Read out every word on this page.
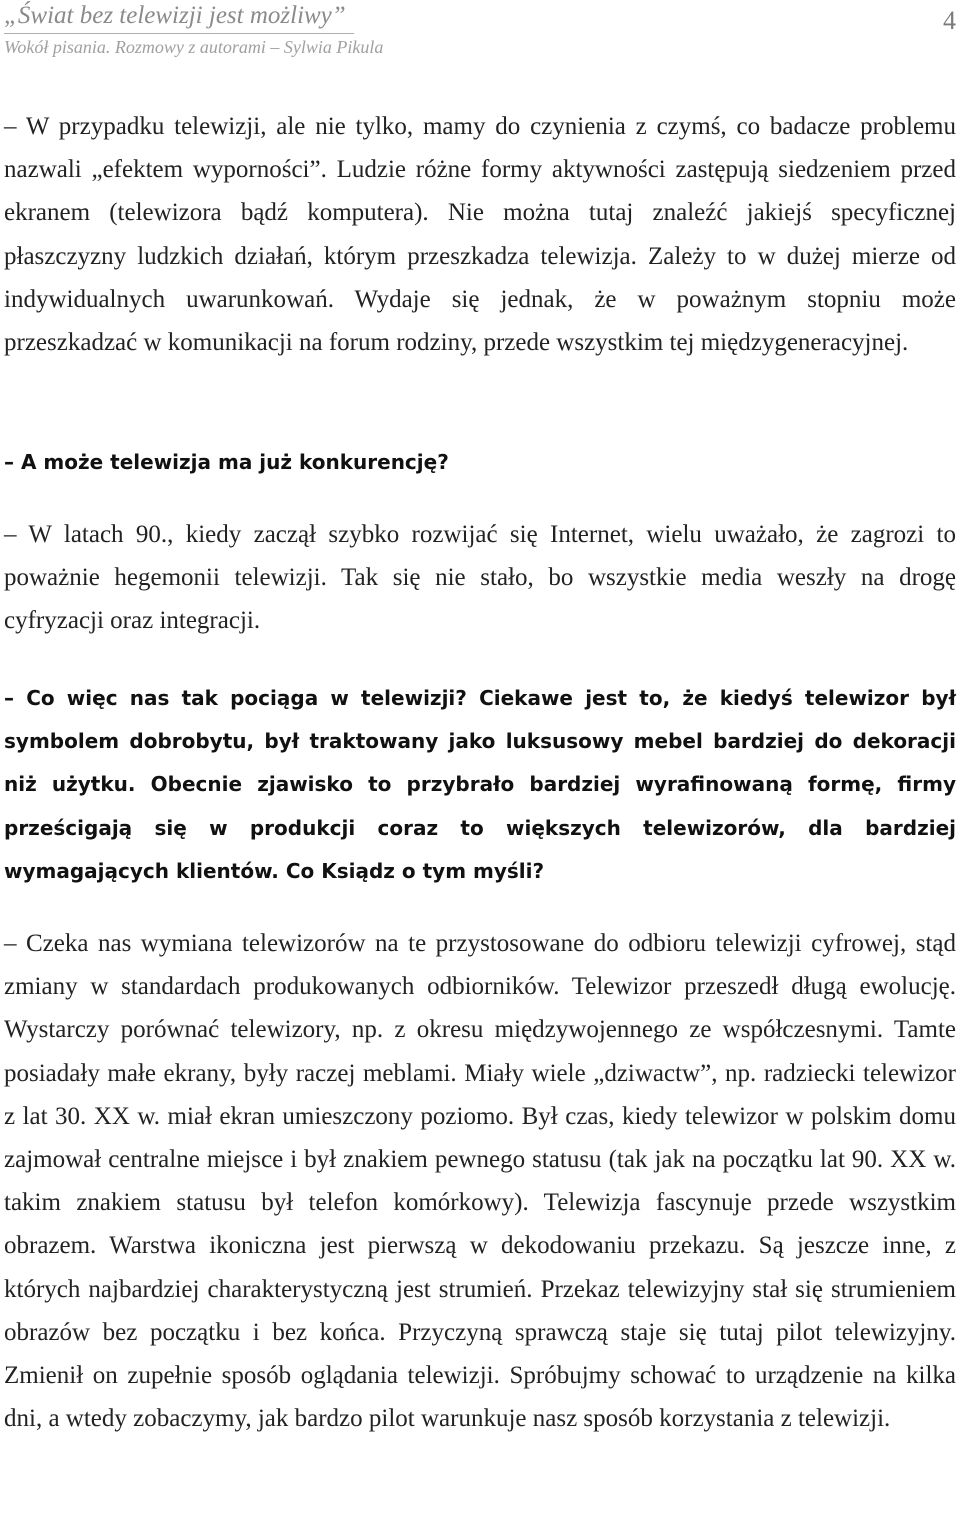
„Świat bez telewizji jest możliwy”
Wokół pisania. Rozmowy z autorami – Sylwia Pikula
4

– W przypadku telewizji, ale nie tylko, mamy do czynienia z czymś, co badacze problemu nazwali „efektem wyporności”. Ludzie różne formy aktywności zastępują siedzeniem przed ekranem (telewizora bądź komputera). Nie można tutaj znaleźć jakiejś specyficznej płaszczyzny ludzkich działań, którym przeszkadza telewizja. Zależy to w dużej mierze od indywidualnych uwarunkowań. Wydaje się jednak, że w poważnym stopniu może przeszkadzać w komunikacji na forum rodziny, przede wszystkim tej międzygeneracyjnej.

– A może telewizja ma już konkurencję?

– W latach 90., kiedy zaczął szybko rozwijać się Internet, wielu uważało, że zagrozi to poważnie hegemonii telewizji. Tak się nie stało, bo wszystkie media weszły na drogę cyfryzacji oraz integracji.

– Co więc nas tak pociąga w telewizji? Ciekawe jest to, że kiedyś telewizor był symbolem dobrobytu, był traktowany jako luksusowy mebel bardziej do dekoracji niż użytku. Obecnie zjawisko to przybrało bardziej wyrafinowaną formę, firmy prześcigają się w produkcji coraz to większych telewizorów, dla bardziej wymagających klientów. Co Ksiądz o tym myśli?

– Czeka nas wymiana telewizorów na te przystosowane do odbioru telewizji cyfrowej, stąd zmiany w standardach produkowanych odbiorników. Telewizor przeszedł długą ewolucję. Wystarczy porównać telewizory, np. z okresu międzywojennego ze współczesnymi. Tamte posiadały małe ekrany, były raczej meblami. Miały wiele „dziwactw”, np. radziecki telewizor z lat 30. XX w. miał ekran umieszczony poziomo. Był czas, kiedy telewizor w polskim domu zajmował centralne miejsce i był znakiem pewnego statusu (tak jak na początku lat 90. XX w. takim znakiem statusu był telefon komórkowy). Telewizja fascynuje przede wszystkim obrazem. Warstwa ikoniczna jest pierwszą w dekodowaniu przekazu. Są jeszcze inne, z których najbardziej charakterystyczną jest strumień. Przekaz telewizyjny stał się strumieniem obrazów bez początku i bez końca. Przyczyną sprawczą staje się tutaj pilot telewizyjny. Zmienił on zupełnie sposób oglądania telewizji. Spróbujmy schować to urządzenie na kilka dni, a wtedy zobaczymy, jak bardzo pilot warunkuje nasz sposób korzystania z telewizji.
